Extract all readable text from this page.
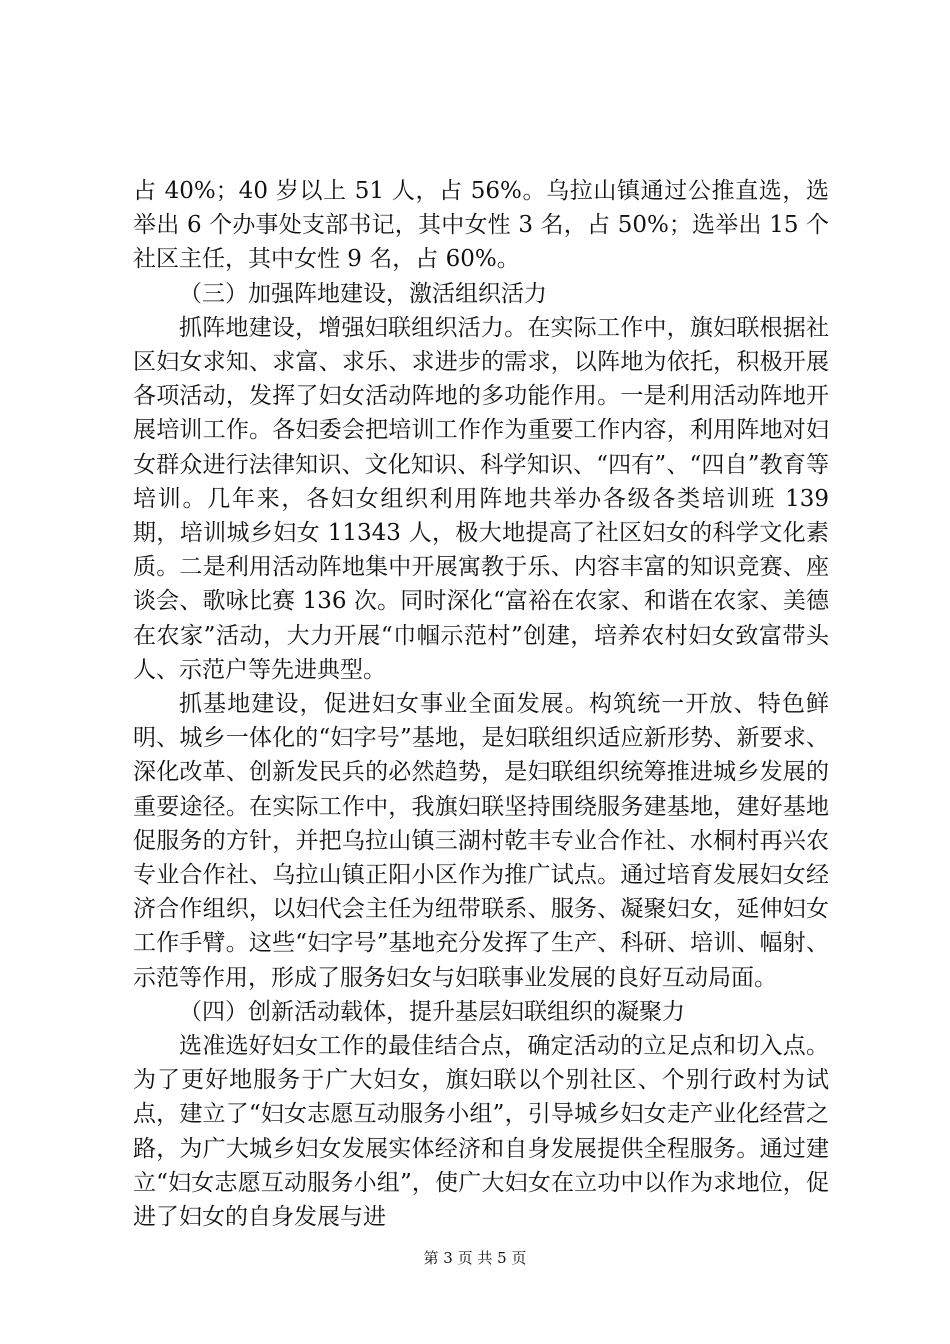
占 40%；40 岁以上 51 人，占 56%。乌拉山镇通过公推直选，选举出 6 个办事处支部书记，其中女性 3 名，占 50%；选举出 15 个社区主任，其中女性 9 名，占 60%。

（三）加强阵地建设，激活组织活力

抓阵地建设，增强妇联组织活力。在实际工作中，旗妇联根据社区妇女求知、求富、求乐、求进步的需求，以阵地为依托，积极开展各项活动，发挥了妇女活动阵地的多功能作用。一是利用活动阵地开展培训工作。各妇委会把培训工作作为重要工作内容，利用阵地对妇女群众进行法律知识、文化知识、科学知识、“四有”、“四自”教育等培训。几年来，各妇女组织利用阵地共举办各级各类培训班 139 期，培训城乡妇女 11343 人，极大地提高了社区妇女的科学文化素质。二是利用活动阵地集中开展寓教于乐、内容丰富的知识竞赛、座谈会、歌咏比赛 136 次。同时深化“富裕在农家、和谐在农家、美德在农家”活动，大力开展“巾帼示范村”创建，培养农村妇女致富带头人、示范户等先进典型。

抓基地建设，促进妇女事业全面发展。构筑统一开放、特色鲜明、城乡一体化的“妇字号”基地，是妇联组织适应新形势、新要求、深化改革、创新发民兵的必然趋势，是妇联组织统筹推进城乡发展的重要途径。在实际工作中，我旗妇联坚持围绕服务建基地，建好基地促服务的方针，并把乌拉山镇三湖村乾丰专业合作社、水桐村再兴农专业合作社、乌拉山镇正阳小区作为推广试点。通过培育发展妇女经济合作组织，以妇代会主任为纽带联系、服务、凝聚妇女，延伸妇女工作手臂。这些“妇字号”基地充分发挥了生产、科研、培训、幅射、示范等作用，形成了服务妇女与妇联事业发展的良好互动局面。

（四）创新活动载体，提升基层妇联组织的凝聚力

选准选好妇女工作的最佳结合点，确定活动的立足点和切入点。为了更好地服务于广大妇女，旗妇联以个别社区、个别行政村为试点，建立了“妇女志愿互动服务小组”，引导城乡妇女走产业化经营之路，为广大城乡妇女发展实体经济和自身发展提供全程服务。通过建立“妇女志愿互动服务小组”，使广大妇女在立功中以作为求地位，促进了妇女的自身发展与进

第 3 页 共 5 页
